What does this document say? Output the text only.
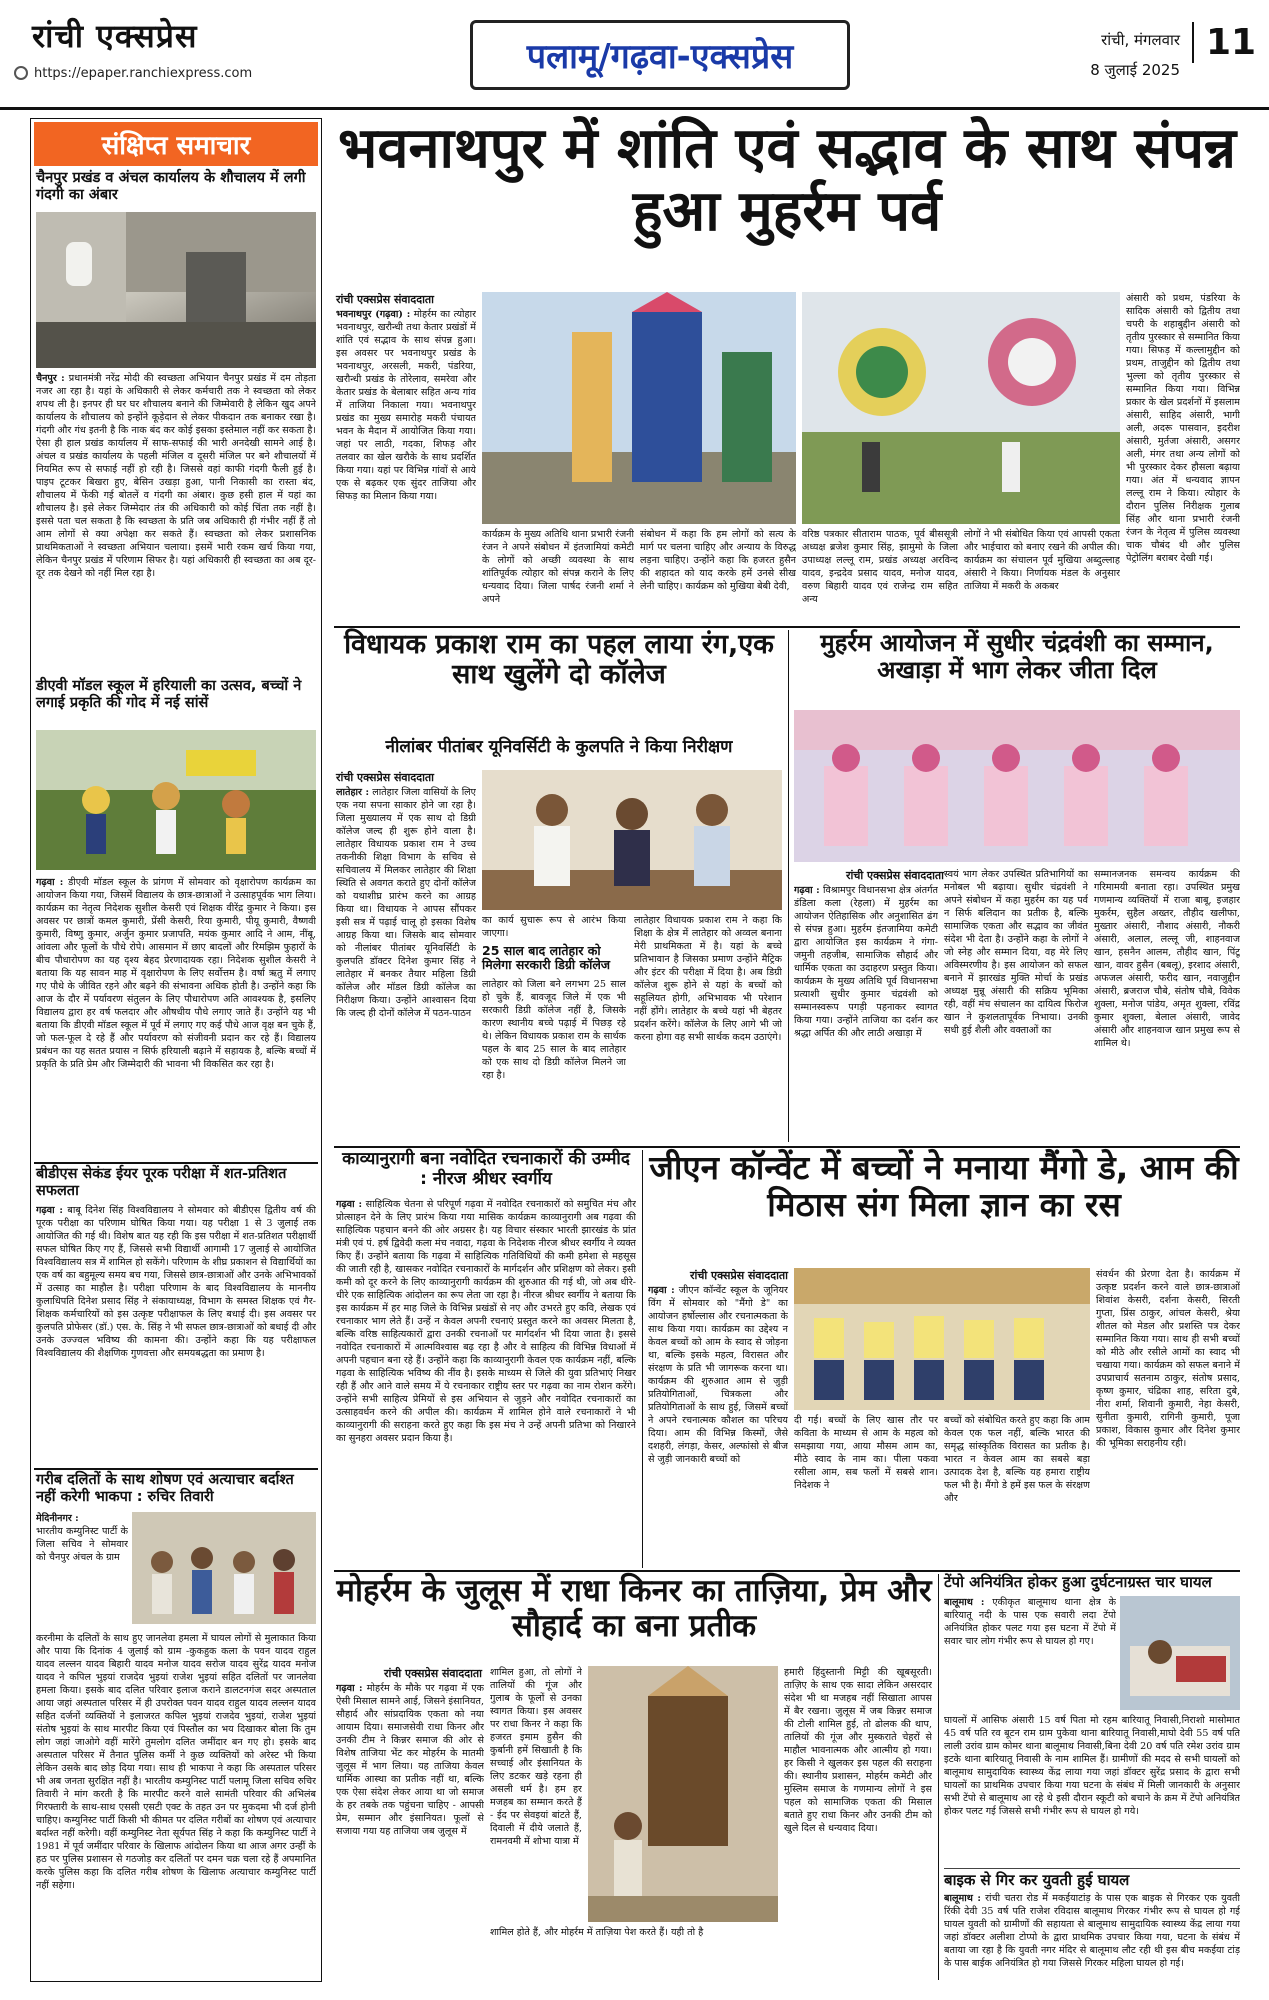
रांची एक्सप्रेस
https://epaper.ranchiexpress.com	पलामू/गढ़वा-एक्सप्रेस	रांची, मंगलवार
8 जुलाई 2025
11
संक्षिप्त समाचार
चैनपुर प्रखंड व अंचल कार्यालय के शौचालय में लगी गंदगी का अंबार
चैनपुर : प्रधानमंत्री नरेंद्र मोदी की स्वच्छता अभियान चैनपुर प्रखंड में दम तोड़ता नजर आ रहा है। यहां के अधिकारी से लेकर कर्मचारी तक ने स्वच्छता को लेकर शपथ ली है। इनपर ही घर घर शौचालय बनाने की जिम्मेवारी है लेकिन खुद अपने कार्यालय के शौचालय को इन्होंने कूड़ेदान से लेकर पीकदान तक बनाकर रखा है। गंदगी और गंध इतनी है कि नाक बंद कर कोई इसका इस्तेमाल नहीं कर सकता है। ऐसा ही हाल प्रखंड कार्यालय में साफ-सफाई की भारी अनदेखी सामने आई है। अंचल व प्रखंड कार्यालय के पहली मंजिल व दूसरी मंजिल पर बने शौचालयों में नियमित रूप से सफाई नहीं हो रही है। जिससे वहां काफी गंदगी फैली हुई है। पाइप टूटकर बिखरा हुए, बेसिन उखड़ा हुआ, पानी निकासी का रास्ता बंद, शौचालय में फेंकी गई बोतलें व गंदगी का अंबार। कुछ हसी हाल में यहां का शौचालय है। इसे लेकर जिम्मेदार तंत्र की अधिकारी को कोई चिंता तक नहीं है। इससे पता चल सकता है कि स्वच्छता के प्रति जब अधिकारी ही गंभीर नहीं हैं तो आम लोगों से क्या अपेक्षा कर सकते हैं। स्वच्छता को लेकर प्रशासनिक प्राथमिकताओं ने स्वच्छता अभियान चलाया। इसमें भारी रकम खर्च किया गया, लेकिन चैनपुर प्रखंड में परिणाम सिफर है। यहां अधिकारी ही स्वच्छता का अब दूर-दूर तक देखने को नहीं मिल रहा है।
डीएवी मॉडल स्कूल में हरियाली का उत्सव, बच्चों ने लगाई प्रकृति की गोद में नई सांसें
गढ़वा : डीएवी मॉडल स्कूल के प्रांगण में सोमवार को वृक्षारोपण कार्यक्रम का आयोजन किया गया, जिसमें विद्यालय के छात्र-छात्राओं ने उत्साहपूर्वक भाग लिया। कार्यक्रम का नेतृत्व निदेशक सुशील केसरी एवं शिक्षक वीरेंद्र कुमार ने किया। इस अवसर पर छात्रों कमल कुमारी, प्रेंसी केसरी, रिया कुमारी, पीयू कुमारी, वैष्णवी कुमारी, विष्णु कुमार, अर्जुन कुमार प्रजापति, मयंक कुमार आदि ने आम, नींबू, आंवला और फूलों के पौधे रोपे। आसमान में छाए बादलों और रिमझिम फुहारों के बीच पौधारोपण का यह दृश्य बेहद प्रेरणादायक रहा। निदेशक सुशील केसरी ने बताया कि यह सावन माह में वृक्षारोपण के लिए सर्वोत्तम है। वर्षा ऋतु में लगाए गए पौधे के जीवित रहने और बढ़ने की संभावना अधिक होती है। उन्होंने कहा कि आज के दौर में पर्यावरण संतुलन के लिए पौधारोपण अति आवश्यक है, इसलिए विद्यालय द्वारा हर वर्ष फलदार और औषधीय पौधे लगाए जाते हैं। उन्होंने यह भी बताया कि डीएवी मॉडल स्कूल में पूर्व में लगाए गए कई पौधे आज वृक्ष बन चुके हैं, जो फल-फूल दे रहे हैं और पर्यावरण को संजीवनी प्रदान कर रहे हैं। विद्यालय प्रबंधन का यह सतत प्रयास न सिर्फ हरियाली बढ़ाने में सहायक है, बल्कि बच्चों में प्रकृति के प्रति प्रेम और जिम्मेदारी की भावना भी विकसित कर रहा है।
बीडीएस सेकंड ईयर पूरक परीक्षा में शत-प्रतिशत सफलता
गढ़वा : बाबू दिनेश सिंह विश्वविद्यालय ने सोमवार को बीडीएस द्वितीय वर्ष की पूरक परीक्षा का परिणाम घोषित किया गया। यह परीक्षा 1 से 3 जुलाई तक आयोजित की गई थी। विशेष बात यह रही कि इस परीक्षा में शत-प्रतिशत परीक्षार्थी सफल घोषित किए गए हैं, जिससे सभी विद्यार्थी आगामी 17 जुलाई से आयोजित विश्वविद्यालय सत्र में शामिल हो सकेंगे। परिणाम के शीघ्र प्रकाशन से विद्यार्थियों का एक वर्ष का बहुमूल्य समय बच गया, जिससे छात्र-छात्राओं और उनके अभिभावकों में उत्साह का माहौल है। परीक्षा परिणाम के बाद विश्वविद्यालय के माननीय कुलाधिपति दिनेश प्रसाद सिंह ने संकायाध्यक्ष, विभाग के समस्त शिक्षक एवं गैर-शिक्षक कर्मचारियों को इस उत्कृष्ट परीक्षाफल के लिए बधाई दी। इस अवसर पर कुलपति प्रोफेसर (डॉ.) एस. के. सिंह ने भी सफल छात्र-छात्राओं को बधाई दी और उनके उज्ज्वल भविष्य की कामना की। उन्होंने कहा कि यह परीक्षाफल विश्वविद्यालय की शैक्षणिक गुणवत्ता और समयबद्धता का प्रमाण है।
गरीब दलितों के साथ शोषण एवं अत्याचार बर्दाश्त नहीं करेगी भाकपा : रुचिर तिवारी
मेदिनीनगर :
भारतीय कम्युनिस्ट पार्टी के जिला सचिव ने सोमवार को चैनपुर अंचल के ग्राम
करनीमा के दलितों के साथ हुए जानलेवा हमला में घायल लोगों से मुलाकात किया और पाया कि दिनांक 4 जुलाई को ग्राम -कुकहुक कला के पवन यादव राहुल यादव लल्लन यादव बिहारी यादव मनोज यादव सरोज यादव सुरेंद्र यादव मनोज यादव ने कपिल भुइयां राजदेव भुइयां राजेश भुइयां सहित दलितों पर जानलेवा हमला किया। इसके बाद दलित परिवार इलाज कराने डालटनगंज सदर अस्पताल आया जहां अस्पताल परिसर में ही उपरोक्त पवन यादव राहुल यादव लल्लन यादव सहित दर्जनों व्यक्तियों ने इलाजरत कपिल भुइयां राजदेव भुइयां, राजेश भुइयां संतोष भुइयां के साथ मारपीट किया एवं पिस्तौल का भय दिखाकर बोला कि तुम लोग जहां जाओगे वहीं मारेंगे तुमलोग दलित जमींदार बन गए हो। इसके बाद अस्पताल परिसर में तैनात पुलिस कर्मी ने कुछ व्यक्तियों को अरेस्ट भी किया लेकिन उसके बाद छोड़ दिया गया। साथ ही भाकपा ने कहा कि अस्पताल परिसर भी अब जनता सुरक्षित नहीं है। भारतीय कम्युनिस्ट पार्टी पलामू जिला सचिव रुचिर तिवारी ने मांग करती है कि मारपीट करने वाले सामंती परिवार की अभिलंब गिरफ्तारी के साथ-साथ एससी एसटी एक्ट के तहत उन पर मुकदमा भी दर्ज होनी चाहिए। कम्युनिस्ट पार्टी किसी भी कीमत पर दलित गरीबों का शोषण एवं अत्याचार बर्दाश्त नहीं करेगी। वहीं कम्युनिस्ट नेता सूर्यपत सिंह ने कहा कि कम्युनिस्ट पार्टी ने 1981 में पूर्व जमींदार परिवार के खिलाफ आंदोलन किया था आज अगर उन्हीं के हठ पर पुलिस प्रशासन से गठजोड़ कर दलितों पर दमन चक्र चला रहे हैं अपमानित करके पुलिस कहा कि दलित गरीब शोषण के खिलाफ अत्याचार कम्युनिस्ट पार्टी नहीं सहेगा।
भवनाथपुर में शांति एवं सद्भाव के साथ संपन्न हुआ मुहर्रम पर्व
रांची एक्सप्रेस संवाददाता
भवनाथपुर (गढ़वा) : मोहर्रम का त्योहार भवनाथपुर, खरौन्धी तथा केतार प्रखंडों में शांति एवं सद्भाव के साथ संपन्न हुआ। इस अवसर पर भवनाथपुर प्रखंड के भवनाथपुर, अरसली, मकरी, पंडरिया, खरौन्धी प्रखंड के तोरेलाव, समरेवा और केतार प्रखंड के बेलाबार सहित अन्य गांव में ताजिया निकाला गया। भवनाथपुर प्रखंड का मुख्य समारोह मकरी पंचायत भवन के मैदान में आयोजित किया गया। जहां पर लाठी, गदका, शिफड़ और तलवार का खेल खरौके के साथ प्रदर्शित किया गया। यहां पर विभिन्न गांवों से आये एक से बढ़कर एक सुंदर ताजिया और सिफड़ का मिलान किया गया।
अंसारी को प्रथम, पंडरिया के सादिक अंसारी को द्वितीय तथा चपरी के शहाबुद्दीन अंसारी को तृतीय पुरस्कार से सम्मानित किया गया। सिफड़ में कल्लामुद्दीन को प्रथम, ताजुद्दीन को द्वितीय तथा भुल्ला को तृतीय पुरस्कार से सम्मानित किया गया। विभिन्न प्रकार के खेल प्रदर्शनों में इसलाम अंसारी, साहिद अंसारी, भागी अली, अदरू पासवान, इदरीश अंसारी, मुर्तजा अंसारी, असगर अली, मंगर तथा अन्य लोगों को भी पुरस्कार देकर हौसला बढ़ाया गया। अंत में धन्यवाद ज्ञापन लल्लू राम ने किया। त्योहार के दौरान पुलिस निरीक्षक गुलाब सिंह और थाना प्रभारी रंजनी रंजन के नेतृत्व में पुलिस व्यवस्था चाक चौबंद थी और पुलिस पेट्रोलिंग बराबर देखी गई।
कार्यक्रम के मुख्य अतिथि थाना प्रभारी रंजनी रंजन ने अपने संबोधन में इंतजामियां कमेटी के लोगों को अच्छी व्यवस्था के साथ शांतिपूर्वक त्योहार को संपन्न कराने के लिए धन्यवाद दिया। जिला पार्षद रंजनी शर्मा ने अपने
संबोधन में कहा कि हम लोगों को सत्य के मार्ग पर चलना चाहिए और अन्याय के विरुद्ध लड़ना चाहिए। उन्होंने कहा कि हजरत हुसैन की शहादत को याद करके हमें उनसे सीख लेनी चाहिए। कार्यक्रम को मुखिया बेबी देवी,
वरिष्ठ पत्रकार सीताराम पाठक, पूर्व बीससूत्री अध्यक्ष ब्रजेश कुमार सिंह, झामुमो के जिला उपाध्यक्ष लल्लू राम, प्रखंड अध्यक्ष अरविन्द यादव, इन्द्रदेव प्रसाद यादव, मनोज यादव, वरुण बिहारी यादव एवं राजेन्द्र राम सहित अन्य
लोगों ने भी संबोधित किया एवं आपसी एकता और भाईचारा को बनाए रखने की अपील की। कार्यक्रम का संचालन पूर्व मुखिया अब्दुल्लाह अंसारी ने किया। निर्णायक मंडल के अनुसार ताजिया में मकरी के अकबर
विधायक प्रकाश राम का पहल लाया रंग,एक साथ खुलेंगे दो कॉलेज
नीलांबर पीतांबर यूनिवर्सिटी के कुलपति ने किया निरीक्षण
रांची एक्सप्रेस संवाददाता
लातेहार : लातेहार जिला वासियों के लिए एक नया सपना साकार होने जा रहा है। जिला मुख्यालय में एक साथ दो डिग्री कॉलेज जल्द ही शुरू होने वाला है। लातेहार विधायक प्रकाश राम ने उच्च तकनीकी शिक्षा विभाग के सचिव से सचिवालय में मिलकर लातेहार की शिक्षा स्थिति से अवगत कराते हुए दोनों कॉलेज को यथाशीघ्र प्रारंभ करने का आग्रह किया था। विधायक ने आपस सौंपकर इसी सत्र में पढ़ाई चालू हो इसका विशेष आग्रह किया था। जिसके बाद सोमवार को नीलांबर पीतांबर यूनिवर्सिटी के कुलपति डॉक्टर दिनेश कुमार सिंह ने लातेहार में बनकर तैयार महिला डिग्री कॉलेज और मॉडल डिग्री कॉलेज का निरीक्षण किया। उन्होंने आश्वासन दिया कि जल्द ही दोनों कॉलेज में पठन-पाठन
का कार्य सुचारू रूप से आरंभ किया जाएगा।
25 साल बाद लातेहार को मिलेगा सरकारी डिग्री कॉलेज
लातेहार को जिला बने लगभग 25 साल हो चुके हैं, बावजूद जिले में एक भी सरकारी डिग्री कॉलेज नहीं है, जिसके कारण स्थानीय बच्चे पढ़ाई में पिछड़ रहे थे। लेकिन विधायक प्रकाश राम के सार्थक पहल के बाद 25 साल के बाद लातेहार को एक साथ दो डिग्री कॉलेज मिलने जा रहा है।
लातेहार विधायक प्रकाश राम ने कहा कि शिक्षा के क्षेत्र में लातेहार को अव्वल बनाना मेरी प्राथमिकता में है। यहां के बच्चे प्रतिभावान है जिसका प्रमाण उन्होंने मैट्रिक और इंटर की परीक्षा में दिया है। अब डिग्री कॉलेज शुरू होने से यहां के बच्चों को सहूलियत होगी, अभिभावक भी परेशान नहीं होंगे। लातेहार के बच्चे यहां भी बेहतर प्रदर्शन करेंगे। कॉलेज के लिए आगे भी जो करना होगा वह सभी सार्थक कदम उठाएंगे।
मुहर्रम आयोजन में सुधीर चंद्रवंशी का सम्मान, अखाड़ा में भाग लेकर जीता दिल
रांची एक्सप्रेस संवाददाता
गढ़वा : विश्रामपुर विधानसभा क्षेत्र अंतर्गत डंडिला कला (रेहला) में मुहर्रम का आयोजन ऐतिहासिक और अनुशासित ढंग से संपन्न हुआ। मुहर्रम इंतजामिया कमेटी द्वारा आयोजित इस कार्यक्रम ने गंगा-जमुनी तहजीब, सामाजिक सौहार्द और धार्मिक एकता का उदाहरण प्रस्तुत किया। कार्यक्रम के मुख्य अतिथि पूर्व विधानसभा प्रत्याशी सुधीर कुमार चंद्रवंशी को सम्मानस्वरूप पगड़ी पहनाकर स्वागत किया गया। उन्होंने ताजिया का दर्शन कर श्रद्धा अर्पित की और लाठी अखाड़ा में
स्वयं भाग लेकर उपस्थित प्रतिभागियों का मनोबल भी बढ़ाया। सुधीर चंद्रवंशी ने अपने संबोधन में कहा मुहर्रम का यह पर्व न सिर्फ बलिदान का प्रतीक है, बल्कि सामाजिक एकता और सद्भाव का जीवंत संदेश भी देता है। उन्होंने कहा के लोगों ने जो स्नेह और सम्मान दिया, वह मेरे लिए अविस्मरणीय है। इस आयोजन को सफल बनाने में झारखंड मुक्ति मोर्चा के प्रखंड अध्यक्ष मुन्नू अंसारी की सक्रिय भूमिका रही, वहीं मंच संचालन का दायित्व फिरोज खान ने कुशलतापूर्वक निभाया। उनकी सधी हुई शैली और वक्ताओं का
सम्मानजनक समन्वय कार्यक्रम की गरिमामयी बनाता रहा। उपस्थित प्रमुख गणमान्य व्यक्तियों में राजा बाबू, इजहार मुकर्रम, सुहैल अख्तर, तौहीद खलीफा, मुख्तार अंसारी, नौशाद अंसारी, नौकरी अंसारी, अलाल, लल्लू जी, शाहनवाज खान, हसनैन आलम, तौहीद खान, पिंटू खान, वावर हुसैन (बबलू), इरशाद अंसारी, अफजल अंसारी, फरीद खान, नवाजुद्दीन अंसारी, ब्रजराज चौबे, संतोष चौबे, विवेक शुक्ला, मनोज पांडेय, अमृत शुक्ला, रविंद्र कुमार शुक्ला, बेलाल अंसारी, जावेद अंसारी और शाहनवाज खान प्रमुख रूप से शामिल थे।
काव्यानुरागी बना नवोदित रचनाकारों की उम्मीद : नीरज श्रीधर स्वर्गीय
गढ़वा : साहित्यिक चेतना से परिपूर्ण गढ़वा में नवोदित रचनाकारों को समुचित मंच और प्रोत्साहन देने के लिए प्रारंभ किया गया मासिक कार्यक्रम काव्यानुरागी अब गढ़वा की साहित्यिक पहचान बनने की ओर अग्रसर है। यह विचार संस्कार भारती झारखंड के प्रांत मंत्री एवं पं. हर्ष द्विवेदी कला मंच नवादा, गढ़वा के निदेशक नीरज श्रीधर स्वर्गीय ने व्यक्त किए हैं। उन्होंने बताया कि गढ़वा में साहित्यिक गतिविधियों की कमी हमेशा से महसूस की जाती रही है, खासकर नवोदित रचनाकारों के मार्गदर्शन और प्रशिक्षण को लेकर। इसी कमी को दूर करने के लिए काव्यानुरागी कार्यक्रम की शुरुआत की गई थी, जो अब धीरे-धीरे एक साहित्यिक आंदोलन का रूप लेता जा रहा है। नीरज श्रीधर स्वर्गीय ने बताया कि इस कार्यक्रम में हर माह जिले के विभिन्न प्रखंडों से नए और उभरते हुए कवि, लेखक एवं रचनाकार भाग लेते हैं। उन्हें न केवल अपनी रचनाएं प्रस्तुत करने का अवसर मिलता है, बल्कि वरिष्ठ साहित्यकारों द्वारा उनकी रचनाओं पर मार्गदर्शन भी दिया जाता है। इससे नवोदित रचनाकारों में आत्मविश्वास बढ़ रहा है और वे साहित्य की विभिन्न विधाओं में अपनी पहचान बना रहे हैं। उन्होंने कहा कि काव्यानुरागी केवल एक कार्यक्रम नहीं, बल्कि गढ़वा के साहित्यिक भविष्य की नींव है। इसके माध्यम से जिले की युवा प्रतिभाएं निखर रही हैं और आने वाले समय में ये रचनाकार राष्ट्रीय स्तर पर गढ़वा का नाम रोशन करेंगे। उन्होंने सभी साहित्य प्रेमियों से इस अभियान से जुड़ने और नवोदित रचनाकारों का उत्साहवर्धन करने की अपील की। कार्यक्रम में शामिल होने वाले रचनाकारों ने भी काव्यानुरागी की सराहना करते हुए कहा कि इस मंच ने उन्हें अपनी प्रतिभा को निखारने का सुनहरा अवसर प्रदान किया है।
जीएन कॉन्वेंट में बच्चों ने मनाया मैंगो डे, आम की मिठास संग मिला ज्ञान का रस
रांची एक्सप्रेस संवाददाता
गढ़वा : जीएन कॉन्वेंट स्कूल के जूनियर विंग में सोमवार को "मैंगो डे" का आयोजन हर्षोल्लास और रचनात्मकता के साथ किया गया। कार्यक्रम का उद्देश्य न केवल बच्चों को आम के स्वाद से जोड़ना था, बल्कि इसके महत्व, विरासत और संरक्षण के प्रति भी जागरूक करना था। कार्यक्रम की शुरुआत आम से जुड़ी प्रतियोगिताओं, चित्रकला और प्रतियोगिताओं के साथ हुई, जिसमें बच्चों ने अपने रचनात्मक कौशल का परिचय दिया। आम की विभिन्न किस्मों, जैसे दशहरी, लंगड़ा, केसर, अल्फांसो से बीज से जुड़ी जानकारी बच्चों को
दी गई। बच्चों के लिए खास तौर पर कविता के माध्यम से आम के महत्व को समझाया गया, आया मौसम आम का, मीठे स्वाद के नाम का। पीला पकवा रसीला आम, सब फलों में सबसे शान। निदेशक ने
बच्चों को संबोधित करते हुए कहा कि आम केवल एक फल नहीं, बल्कि भारत की समृद्ध सांस्कृतिक विरासत का प्रतीक है। भारत न केवल आम का सबसे बड़ा उत्पादक देश है, बल्कि यह हमारा राष्ट्रीय फल भी है। मैंगो डे हमें इस फल के संरक्षण और
संवर्धन की प्रेरणा देता है। कार्यक्रम में उत्कृष्ट प्रदर्शन करने वाले छात्र-छात्राओं शिवांश केसरी, दर्शना केसरी, सिरती गुप्ता, प्रिंस ठाकुर, आंचल केसरी, श्रेया शीतल को मेडल और प्रशस्ति पत्र देकर सम्मानित किया गया। साथ ही सभी बच्चों को मीठे और रसीले आमों का स्वाद भी चखाया गया। कार्यक्रम को सफल बनाने में उपप्राचार्य सतनाम ठाकुर, संतोष प्रसाद, कृष्ण कुमार, चंद्रिका शाह, सरिता दुबे, नीरा शर्मा, शिवानी कुमारी, नेहा केसरी, सुनीता कुमारी, रागिनी कुमारी, पूजा प्रकाश, विकास कुमार और दिनेश कुमार की भूमिका सराहनीय रही।
मोहर्रम के जुलूस में राधा किनर का ताज़िया, प्रेम और सौहार्द का बना प्रतीक
रांची एक्सप्रेस संवाददाता
गढ़वा : मोहर्रम के मौके पर गढ़वा में एक ऐसी मिसाल सामने आई, जिसने इंसानियत, सौहार्द और सांप्रदायिक एकता को नया आयाम दिया। समाजसेवी राधा किनर और उनकी टीम ने किन्नर समाज की ओर से विशेष ताजिया भेंट कर मोहर्रम के मातमी जुलूस में भाग लिया। यह ताजिया केवल धार्मिक आस्था का प्रतीक नहीं था, बल्कि एक ऐसा संदेश लेकर आया था जो समाज के हर तबके तक पहुंचना चाहिए - आपसी प्रेम, सम्मान और इंसानियत। फूलों से सजाया गया यह ताजिया जब जुलूस में
शामिल हुआ, तो लोगों ने तालियों की गूंज और गुलाब के फूलों से उनका स्वागत किया। इस अवसर पर राधा किनर ने कहा कि हजरत इमाम हुसैन की कुर्बानी हमें सिखाती है कि सच्चाई और इंसानियत के लिए डटकर खड़े रहना ही असली धर्म है। हम हर मजहब का सम्मान करते हैं - ईद पर सेवइयां बांटते हैं, दिवाली में दीये जलाते हैं, रामनवमी में शोभा यात्रा में
शामिल होते हैं, और मोहर्रम में ताज़िया पेश करते हैं। यही तो है
हमारी हिंदुस्तानी मिट्टी की खूबसूरती। ताज़िए के साथ एक सादा लेकिन असरदार संदेश भी था मजहब नहीं सिखाता आपस में बैर रखना। जुलूस में जब किन्नर समाज की टोली शामिल हुई, तो ढोलक की थाप, तालियों की गूंज और मुस्कराते चेहरों से माहौल भावनात्मक और आत्मीय हो गया। हर किसी ने खुलकर इस पहल की सराहना की। स्थानीय प्रशासन, मोहर्रम कमेटी और मुस्लिम समाज के गणमान्य लोगों ने इस पहल को सामाजिक एकता की मिसाल बताते हुए राधा किनर और उनकी टीम को खुले दिल से धन्यवाद दिया।
टेंपो अनियंत्रित होकर हुआ दुर्घटनाग्रस्त चार घायल
बालूमाथ : एकीकृत बालूमाथ थाना क्षेत्र के बारियातू नदी के पास एक सवारी लदा टेंपो अनियंत्रित होकर पलट गया इस घटना में टेंपो में सवार चार लोग गंभीर रूप से घायल हो गए।
घायलों में आसिफ अंसारी 15 वर्ष पिता मो रहम बारियातू निवासी,निराशो मासोमात 45 वर्ष पति रव बूटन राम ग्राम पुकेवा थाना बारियातू निवासी,माघो देवी 55 वर्ष पति लाली उरांव ग्राम कोमर थाना बालूमाथ निवासी,बिना देवी 20 वर्ष पति रमेश उरांव ग्राम इटके थाना बारियातू निवासी के नाम शामिल हैं। ग्रामीणों की मदद से सभी घायलों को बालूमाथ सामुदायिक स्वास्थ्य केंद्र लाया गया जहां डॉक्टर सुरेंद्र प्रसाद के द्वारा सभी घायलों का प्राथमिक उपचार किया गया घटना के संबंध में मिली जानकारी के अनुसार सभी टेंपो से बालूमाथ आ रहे थे इसी दौरान स्कूटी को बचाने के क्रम में टेंपो अनियंत्रित होकर पलट गई जिससे सभी गंभीर रूप से घायल हो गये।
बाइक से गिर कर युवती हुई घायल
बालूमाथ : रांची चतरा रोड में मकईयाटांड़ के पास एक बाइक से गिरकर एक युवती रिंकी देवी 35 वर्ष पति राजेश रविदास बालूमाथ गिरकर गंभीर रूप से घायल हो गई घायल युवती को ग्रामीणों की सहायता से बालूमाथ सामुदायिक स्वास्थ्य केंद्र लाया गया जहां डॉक्टर अलीशा टोप्पो के द्वारा प्राथमिक उपचार किया गया, घटना के संबंध में बताया जा रहा है कि युवती नगर मंदिर से बालूमाथ लौट रही थी इस बीच मकईया टांड़ के पास बाईक अनियंत्रित हो गया जिससे गिरकर महिला घायल हो गई।
